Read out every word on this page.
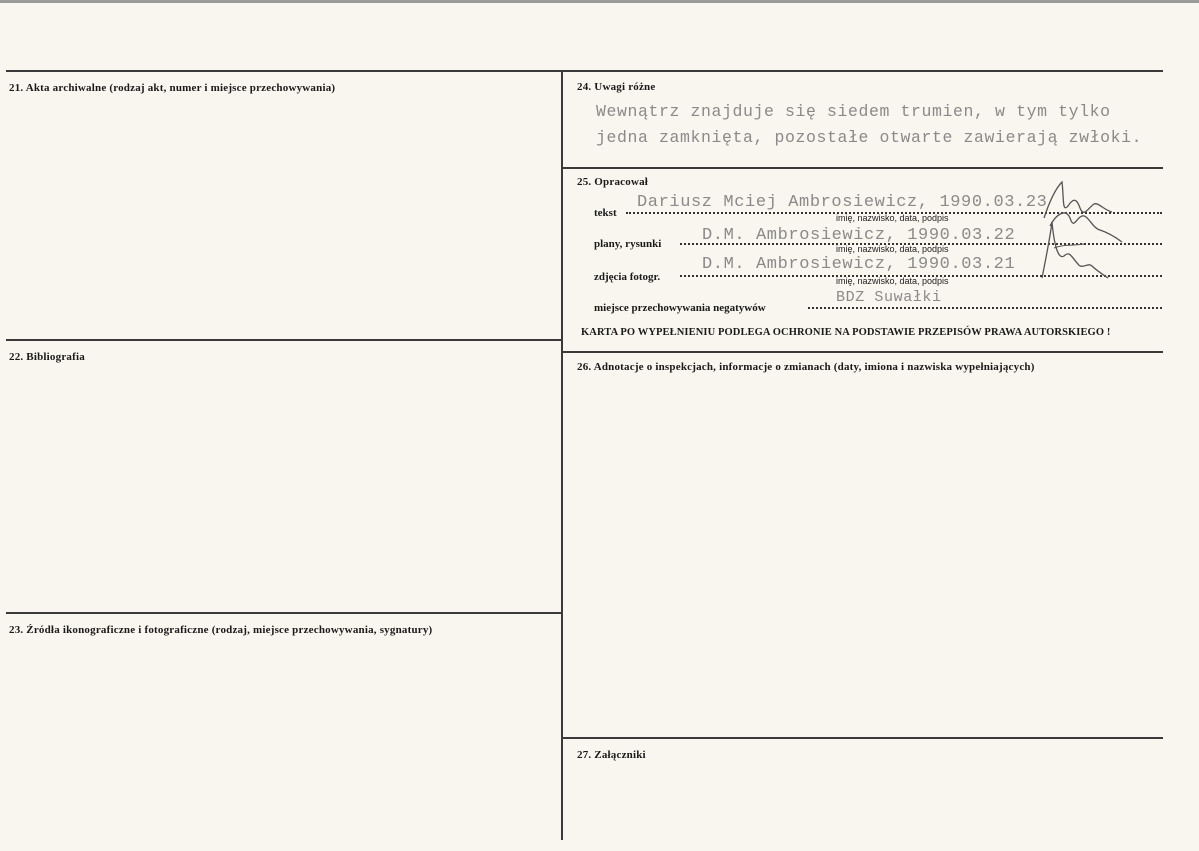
21. Akta archiwalne (rodzaj akt, numer i miejsce przechowywania)
22. Bibliografia
23. Źródła ikonograficzne i fotograficzne (rodzaj, miejsce przechowywania, sygnatury)
24. Uwagi różne
Wewnątrz znajduje się siedem trumien, w tym tylko
jedna zamknięta, pozostałe otwarte zawierają zwłoki.
25. Opracował
tekst
Dariusz Mciej Ambrosiewicz, 1990.03.23
imię, nazwisko, data, podpis
plany, rysunki D.M. Ambrosiewicz, 1990.03.22
imię, nazwisko, data, podpis
zdjęcia fotogr.
D.M. Ambrosiewicz, 1990.03.21
imię, nazwisko, data, podpis
miejsce przechowywania negatywów
BDZ Suwałki
KARTA PO WYPEŁNIENIU PODLEGA OCHRONIE NA PODSTAWIE PRZEPISÓW PRAWA AUTORSKIEGO !
26. Adnotacje o inspekcjach, informacje o zmianach (daty, imiona i nazwiska wypełniających)
27. Załączniki
